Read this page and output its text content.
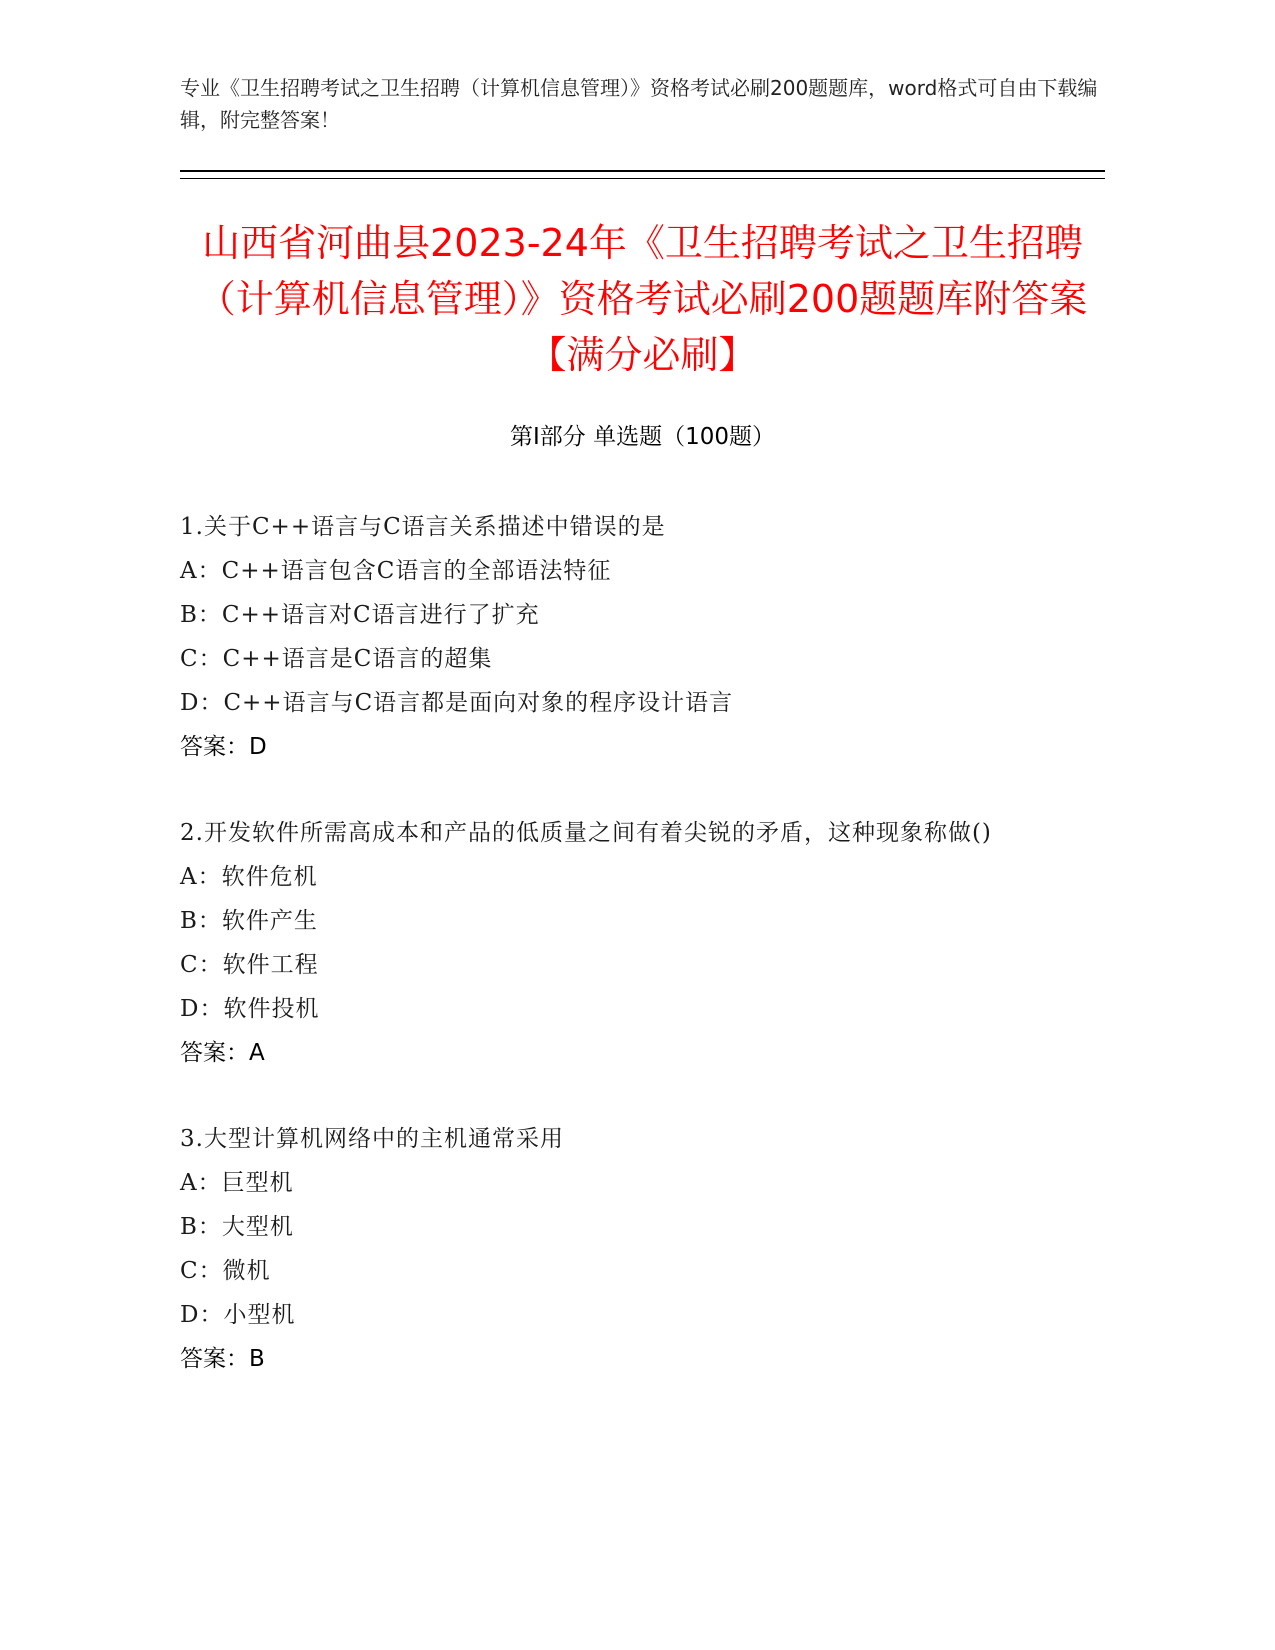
专业《卫生招聘考试之卫生招聘（计算机信息管理）》资格考试必刷200题题库，word格式可自由下载编辑，附完整答案！
山西省河曲县2023-24年《卫生招聘考试之卫生招聘（计算机信息管理）》资格考试必刷200题题库附答案【满分必刷】
第Ⅰ部分 单选题（100题）
1.关于C++语言与C语言关系描述中错误的是
A：C++语言包含C语言的全部语法特征
B：C++语言对C语言进行了扩充
C：C++语言是C语言的超集
D：C++语言与C语言都是面向对象的程序设计语言
答案：D
2.开发软件所需高成本和产品的低质量之间有着尖锐的矛盾，这种现象称做()
A：软件危机
B：软件产生
C：软件工程
D：软件投机
答案：A
3.大型计算机网络中的主机通常采用
A：巨型机
B：大型机
C：微机
D：小型机
答案：B
